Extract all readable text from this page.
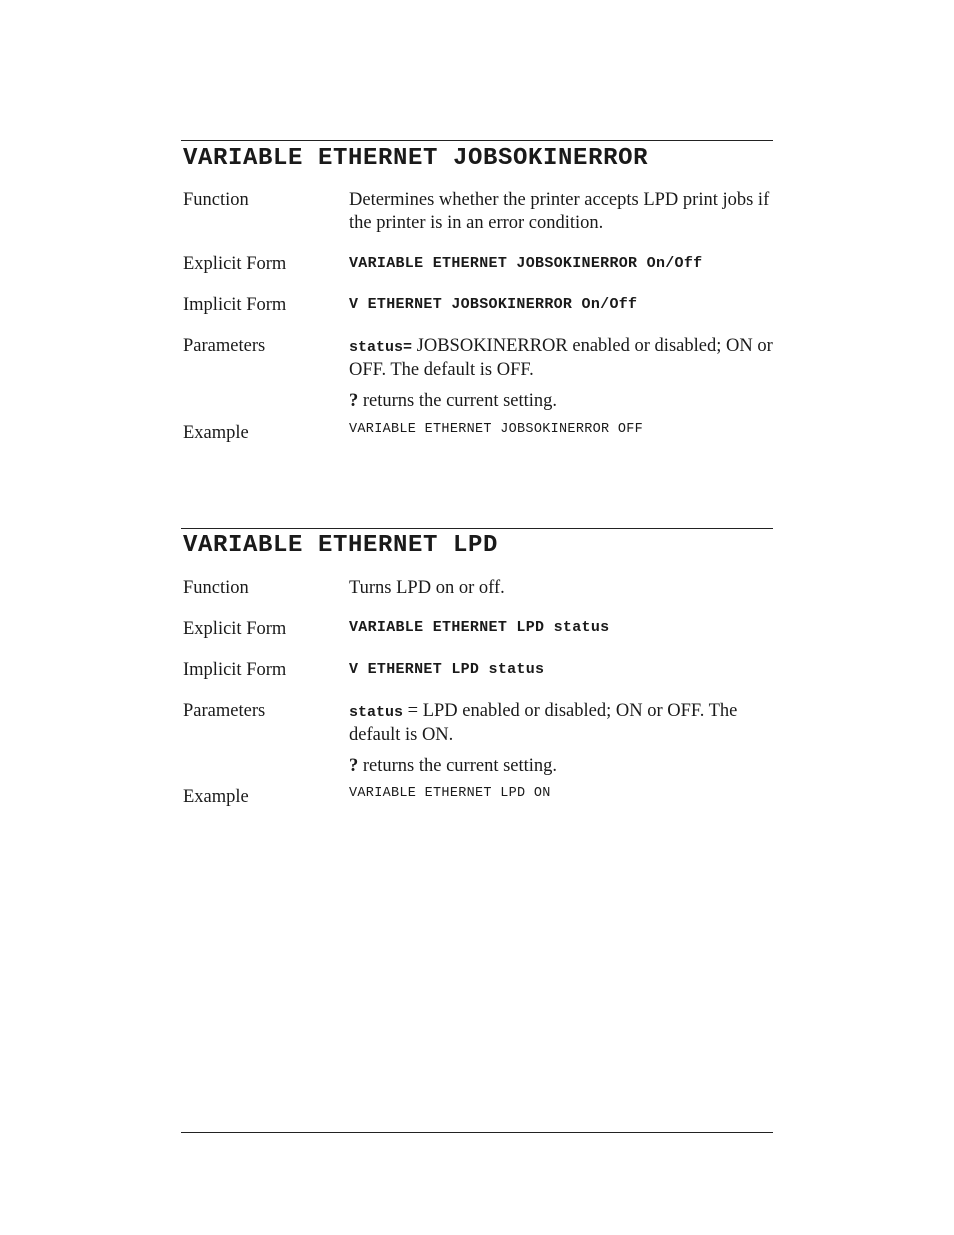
VARIABLE ETHERNET JOBSOKINERROR
Function	Determines whether the printer accepts LPD print jobs if the printer is in an error condition.
Explicit Form	VARIABLE ETHERNET JOBSOKINERROR On/Off
Implicit Form	V ETHERNET JOBSOKINERROR On/Off
Parameters	status= JOBSOKINERROR enabled or disabled; ON or OFF. The default is OFF.
? returns the current setting.
Example	VARIABLE ETHERNET JOBSOKINERROR OFF
VARIABLE ETHERNET LPD
Function	Turns LPD on or off.
Explicit Form	VARIABLE ETHERNET LPD status
Implicit Form	V ETHERNET LPD status
Parameters	status = LPD enabled or disabled; ON or OFF. The default is ON.
? returns the current setting.
Example	VARIABLE ETHERNET LPD ON
